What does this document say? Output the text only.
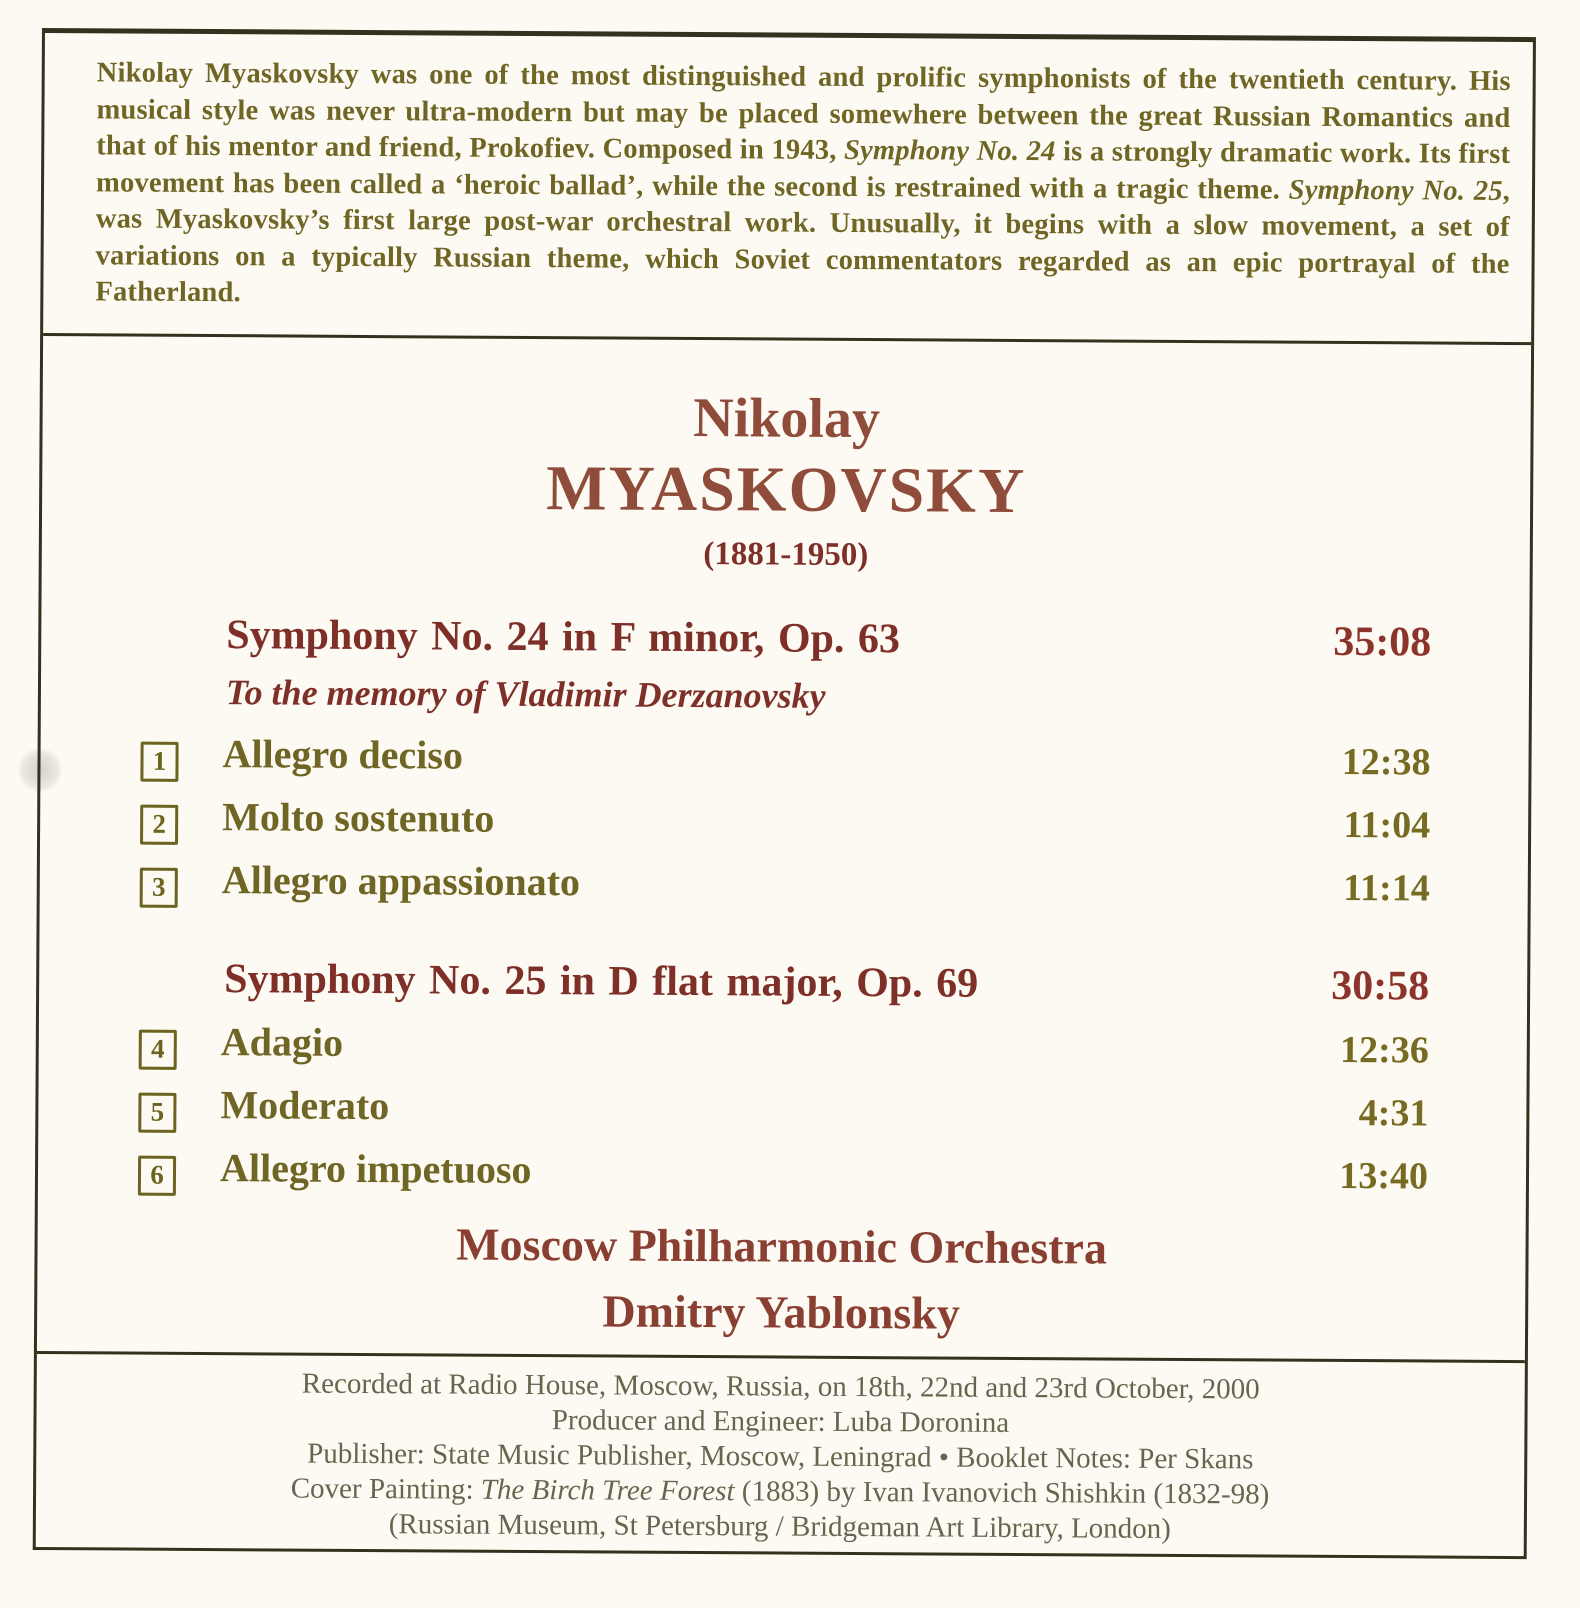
Nikolay Myaskovsky was one of the most distinguished and prolific symphonists of the twentieth century. His musical style was never ultra-modern but may be placed somewhere between the great Russian Romantics and that of his mentor and friend, Prokofiev. Composed in 1943, Symphony No. 24 is a strongly dramatic work. Its first movement has been called a ‘heroic ballad’, while the second is restrained with a tragic theme. Symphony No. 25, was Myaskovsky’s first large post-war orchestral work. Unusually, it begins with a slow movement, a set of variations on a typically Russian theme, which Soviet commentators regarded as an epic portrayal of the Fatherland.

Nikolay
MYASKOVSKY
(1881-1950)
Symphony No. 24 in F minor, Op. 63	35:08
To the memory of Vladimir Derzanovsky
1 Allegro deciso	12:38
2 Molto sostenuto	11:04
3 Allegro appassionato	11:14
Symphony No. 25 in D flat major, Op. 69	30:58
4 Adagio	12:36
5 Moderato	4:31
6 Allegro impetuoso	13:40
Moscow Philharmonic Orchestra
Dmitry Yablonsky
Recorded at Radio House, Moscow, Russia, on 18th, 22nd and 23rd October, 2000
Producer and Engineer: Luba Doronina
Publisher: State Music Publisher, Moscow, Leningrad • Booklet Notes: Per Skans
Cover Painting: The Birch Tree Forest (1883) by Ivan Ivanovich Shishkin (1832-98)
(Russian Museum, St Petersburg / Bridgeman Art Library, London)
